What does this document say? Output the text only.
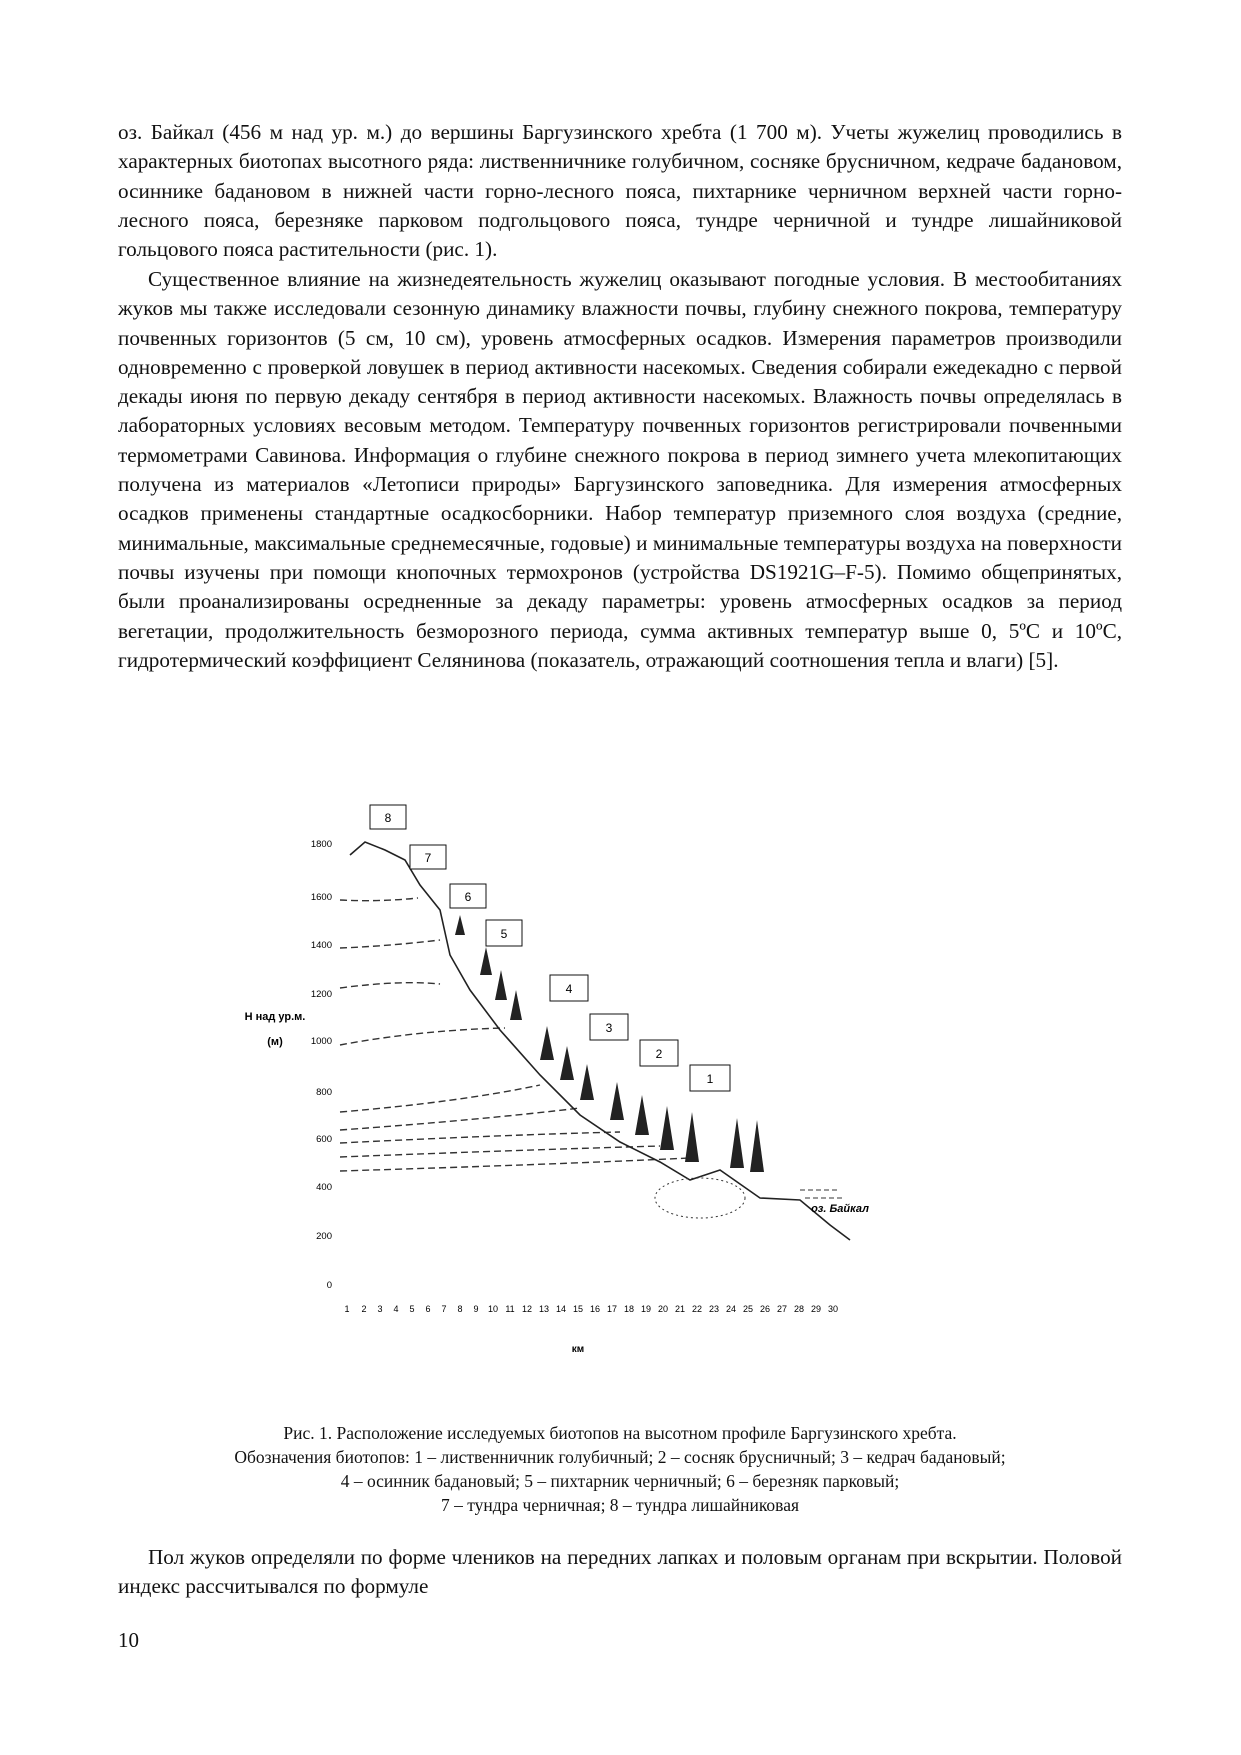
оз. Байкал (456 м над ур. м.) до вершины Баргузинского хребта (1 700 м). Учеты жужелиц проводились в характерных биотопах высотного ряда: лиственничнике голубичном, сосняке брусничном, кедраче бадановом, осиннике бадановом в нижней части горно-лесного пояса, пихтарнике черничном верхней части горно-лесного пояса, березняке парковом подгольцового пояса, тундре черничной и тундре лишайниковой гольцового пояса растительности (рис. 1).

Существенное влияние на жизнедеятельность жужелиц оказывают погодные условия. В местообитаниях жуков мы также исследовали сезонную динамику влажности почвы, глубину снежного покрова, температуру почвенных горизонтов (5 см, 10 см), уровень атмосферных осадков. Измерения параметров производили одновременно с проверкой ловушек в период активности насекомых. Сведения собирали ежедекадно с первой декады июня по первую декаду сентября в период активности насекомых. Влажность почвы определялась в лабораторных условиях весовым методом. Температуру почвенных горизонтов регистрировали почвенными термометрами Савинова. Информация о глубине снежного покрова в период зимнего учета млекопитающих получена из материалов «Летописи природы» Баргузинского заповедника. Для измерения атмосферных осадков применены стандартные осадкосборники. Набор температур приземного слоя воздуха (средние, минимальные, максимальные среднемесячные, годовые) и минимальные температуры воздуха на поверхности почвы изучены при помощи кнопочных термохронов (устройства DS1921G–F-5). Помимо общепринятых, были проанализированы осредненные за декаду параметры: уровень атмосферных осадков за период вегетации, продолжительность безморозного периода, сумма активных температур выше 0, 5ºС и 10ºС, гидротермический коэффициент Селянинова (показатель, отражающий соотношения тепла и влаги) [5].

Н над ур.м.
(м)
1800
1600
1400
1200
1000
800
600
400
200
0
оз. Байкал
8
7
6
5
4
3
2
1
1 2 3 4 5 6 7 8 9 10 11 12 13 14 15 16 17 18 19 20 21 22 23 24 25 26 27 28 29 30
км
Рис. 1. Расположение исследуемых биотопов на высотном профиле Баргузинского хребта.
Обозначения биотопов: 1 – лиственничник голубичный; 2 – сосняк брусничный; 3 – кедрач бадановый;
4 – осинник бадановый; 5 – пихтарник черничный; 6 – березняк парковый;
7 – тундра черничная; 8 – тундра лишайниковая

Пол жуков определяли по форме члеников на передних лапках и половым органам при вскрытии. Половой индекс рассчитывался по формуле

10
